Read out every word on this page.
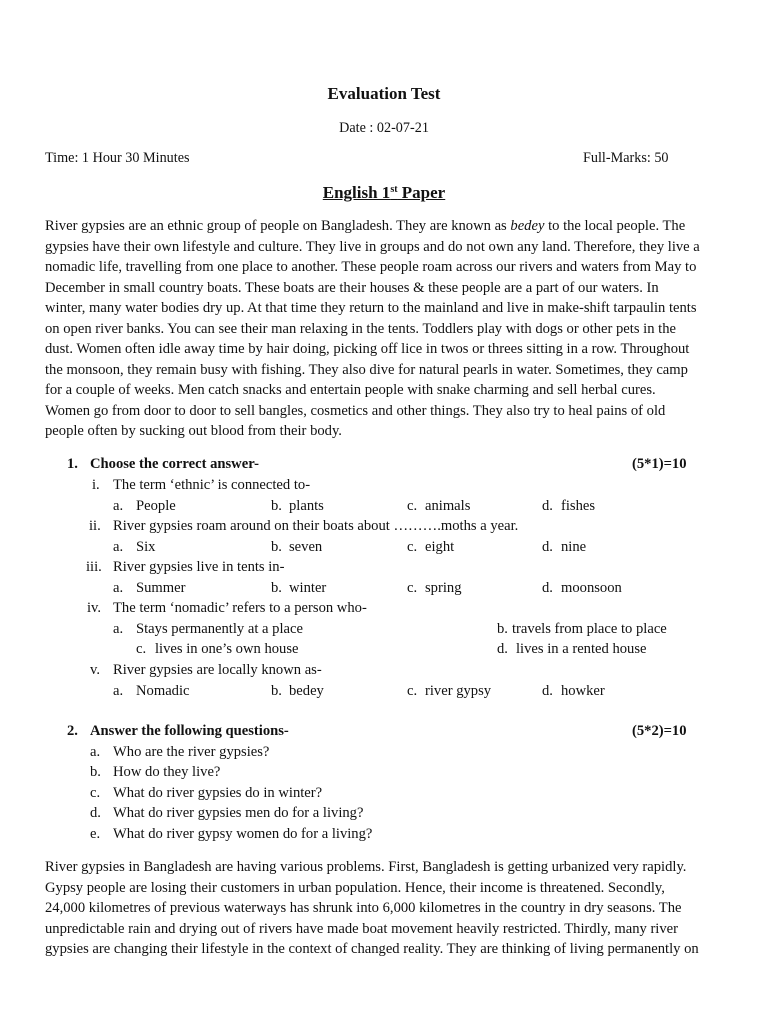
Evaluation Test
Date : 02-07-21
Time: 1 Hour 30 Minutes	Full-Marks: 50
English 1st Paper
River gypsies are an ethnic group of people on Bangladesh. They are known as bedey to the local people. The
gypsies have their own lifestyle and culture. They live in groups and do not own any land. Therefore, they live a
nomadic life, travelling from one place to another. These people roam across our rivers and waters from May to
December in small country boats. These boats are their houses & these people are a part of our waters. In
winter, many water bodies dry up. At that time they return to the mainland and live in make-shift tarpaulin tents
on open river banks. You can see their man relaxing in the tents. Toddlers play with dogs or other pets in the
dust. Women often idle away time by hair doing, picking off lice in twos or threes sitting in a row. Throughout
the monsoon, they remain busy with fishing. They also dive for natural pearls in water. Sometimes, they camp
for a couple of weeks. Men catch snacks and entertain people with snake charming and sell herbal cures.
Women go from door to door to sell bangles, cosmetics and other things. They also try to heal pains of old
people often by sucking out blood from their body.
1. Choose the correct answer-	(5*1)=10
i. The term ‘ethnic’ is connected to-
a. People	b. plants	c. animals	d. fishes
ii. River gypsies roam around on their boats about ……….moths a year.
a. Six	b. seven	c. eight	d. nine
iii. River gypsies live in tents in-
a. Summer	b. winter	c. spring	d. moonsoon
iv. The term ‘nomadic’ refers to a person who-
a. Stays permanently at a place	b. travels from place to place
c. lives in one’s own house	d. lives in a rented house
v. River gypsies are locally known as-
a. Nomadic	b. bedey	c. river gypsy	d. howker
2. Answer the following questions-	(5*2)=10
a. Who are the river gypsies?
b. How do they live?
c. What do river gypsies do in winter?
d. What do river gypsies men do for a living?
e. What do river gypsy women do for a living?
River gypsies in Bangladesh are having various problems. First, Bangladesh is getting urbanized very rapidly.
Gypsy people are losing their customers in urban population. Hence, their income is threatened. Secondly,
24,000 kilometres of previous waterways has shrunk into 6,000 kilometres in the country in dry seasons. The
unpredictable rain and drying out of rivers have made boat movement heavily restricted. Thirdly, many river
gypsies are changing their lifestyle in the context of changed reality. They are thinking of living permanently on
